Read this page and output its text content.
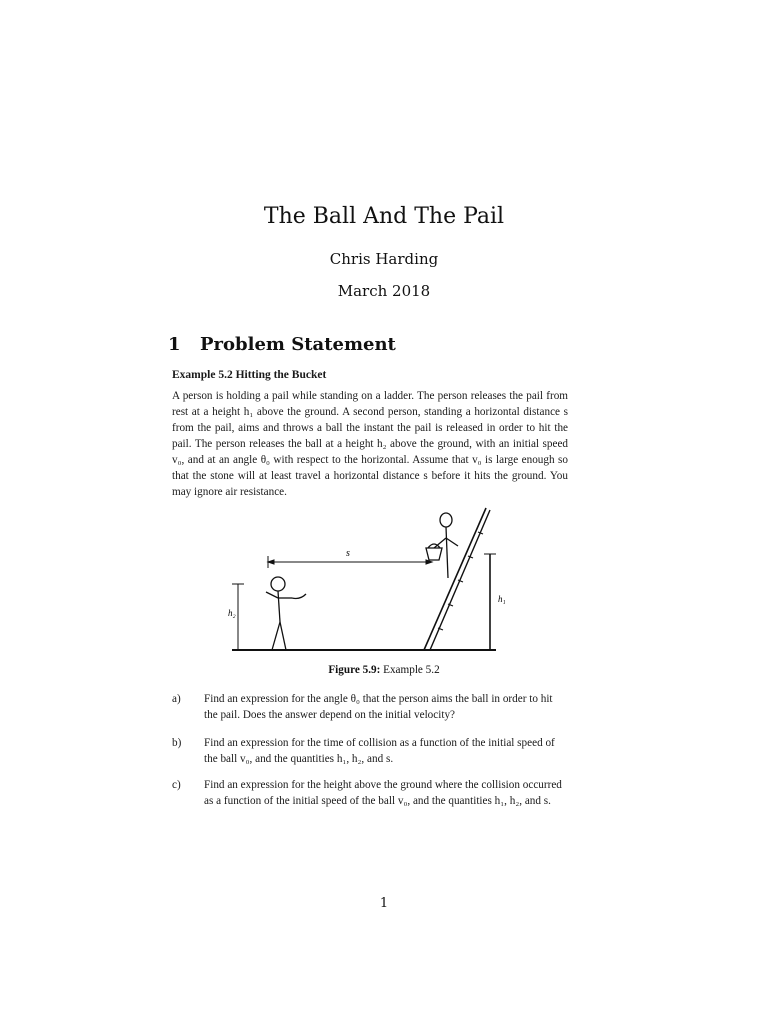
The Ball And The Pail
Chris Harding
March 2018
1 Problem Statement
Example 5.2 Hitting the Bucket
A person is holding a pail while standing on a ladder. The person releases the pail from rest at a height h₁ above the ground. A second person, standing a horizontal distance s from the pail, aims and throws a ball the instant the pail is released in order to hit the pail. The person releases the ball at a height h₂ above the ground, with an initial speed v₀, and at an angle θ₀ with respect to the horizontal. Assume that v₀ is large enough so that the stone will at least travel a horizontal distance s before it hits the ground. You may ignore air resistance.
s
h₁
h₂
Figure 5.9: Example 5.2
a) Find an expression for the angle θ₀ that the person aims the ball in order to hit the pail. Does the answer depend on the initial velocity?
b) Find an expression for the time of collision as a function of the initial speed of the ball v₀, and the quantities h₁, h₂, and s.
c) Find an expression for the height above the ground where the collision occurred as a function of the initial speed of the ball v₀, and the quantities h₁, h₂, and s.
1
